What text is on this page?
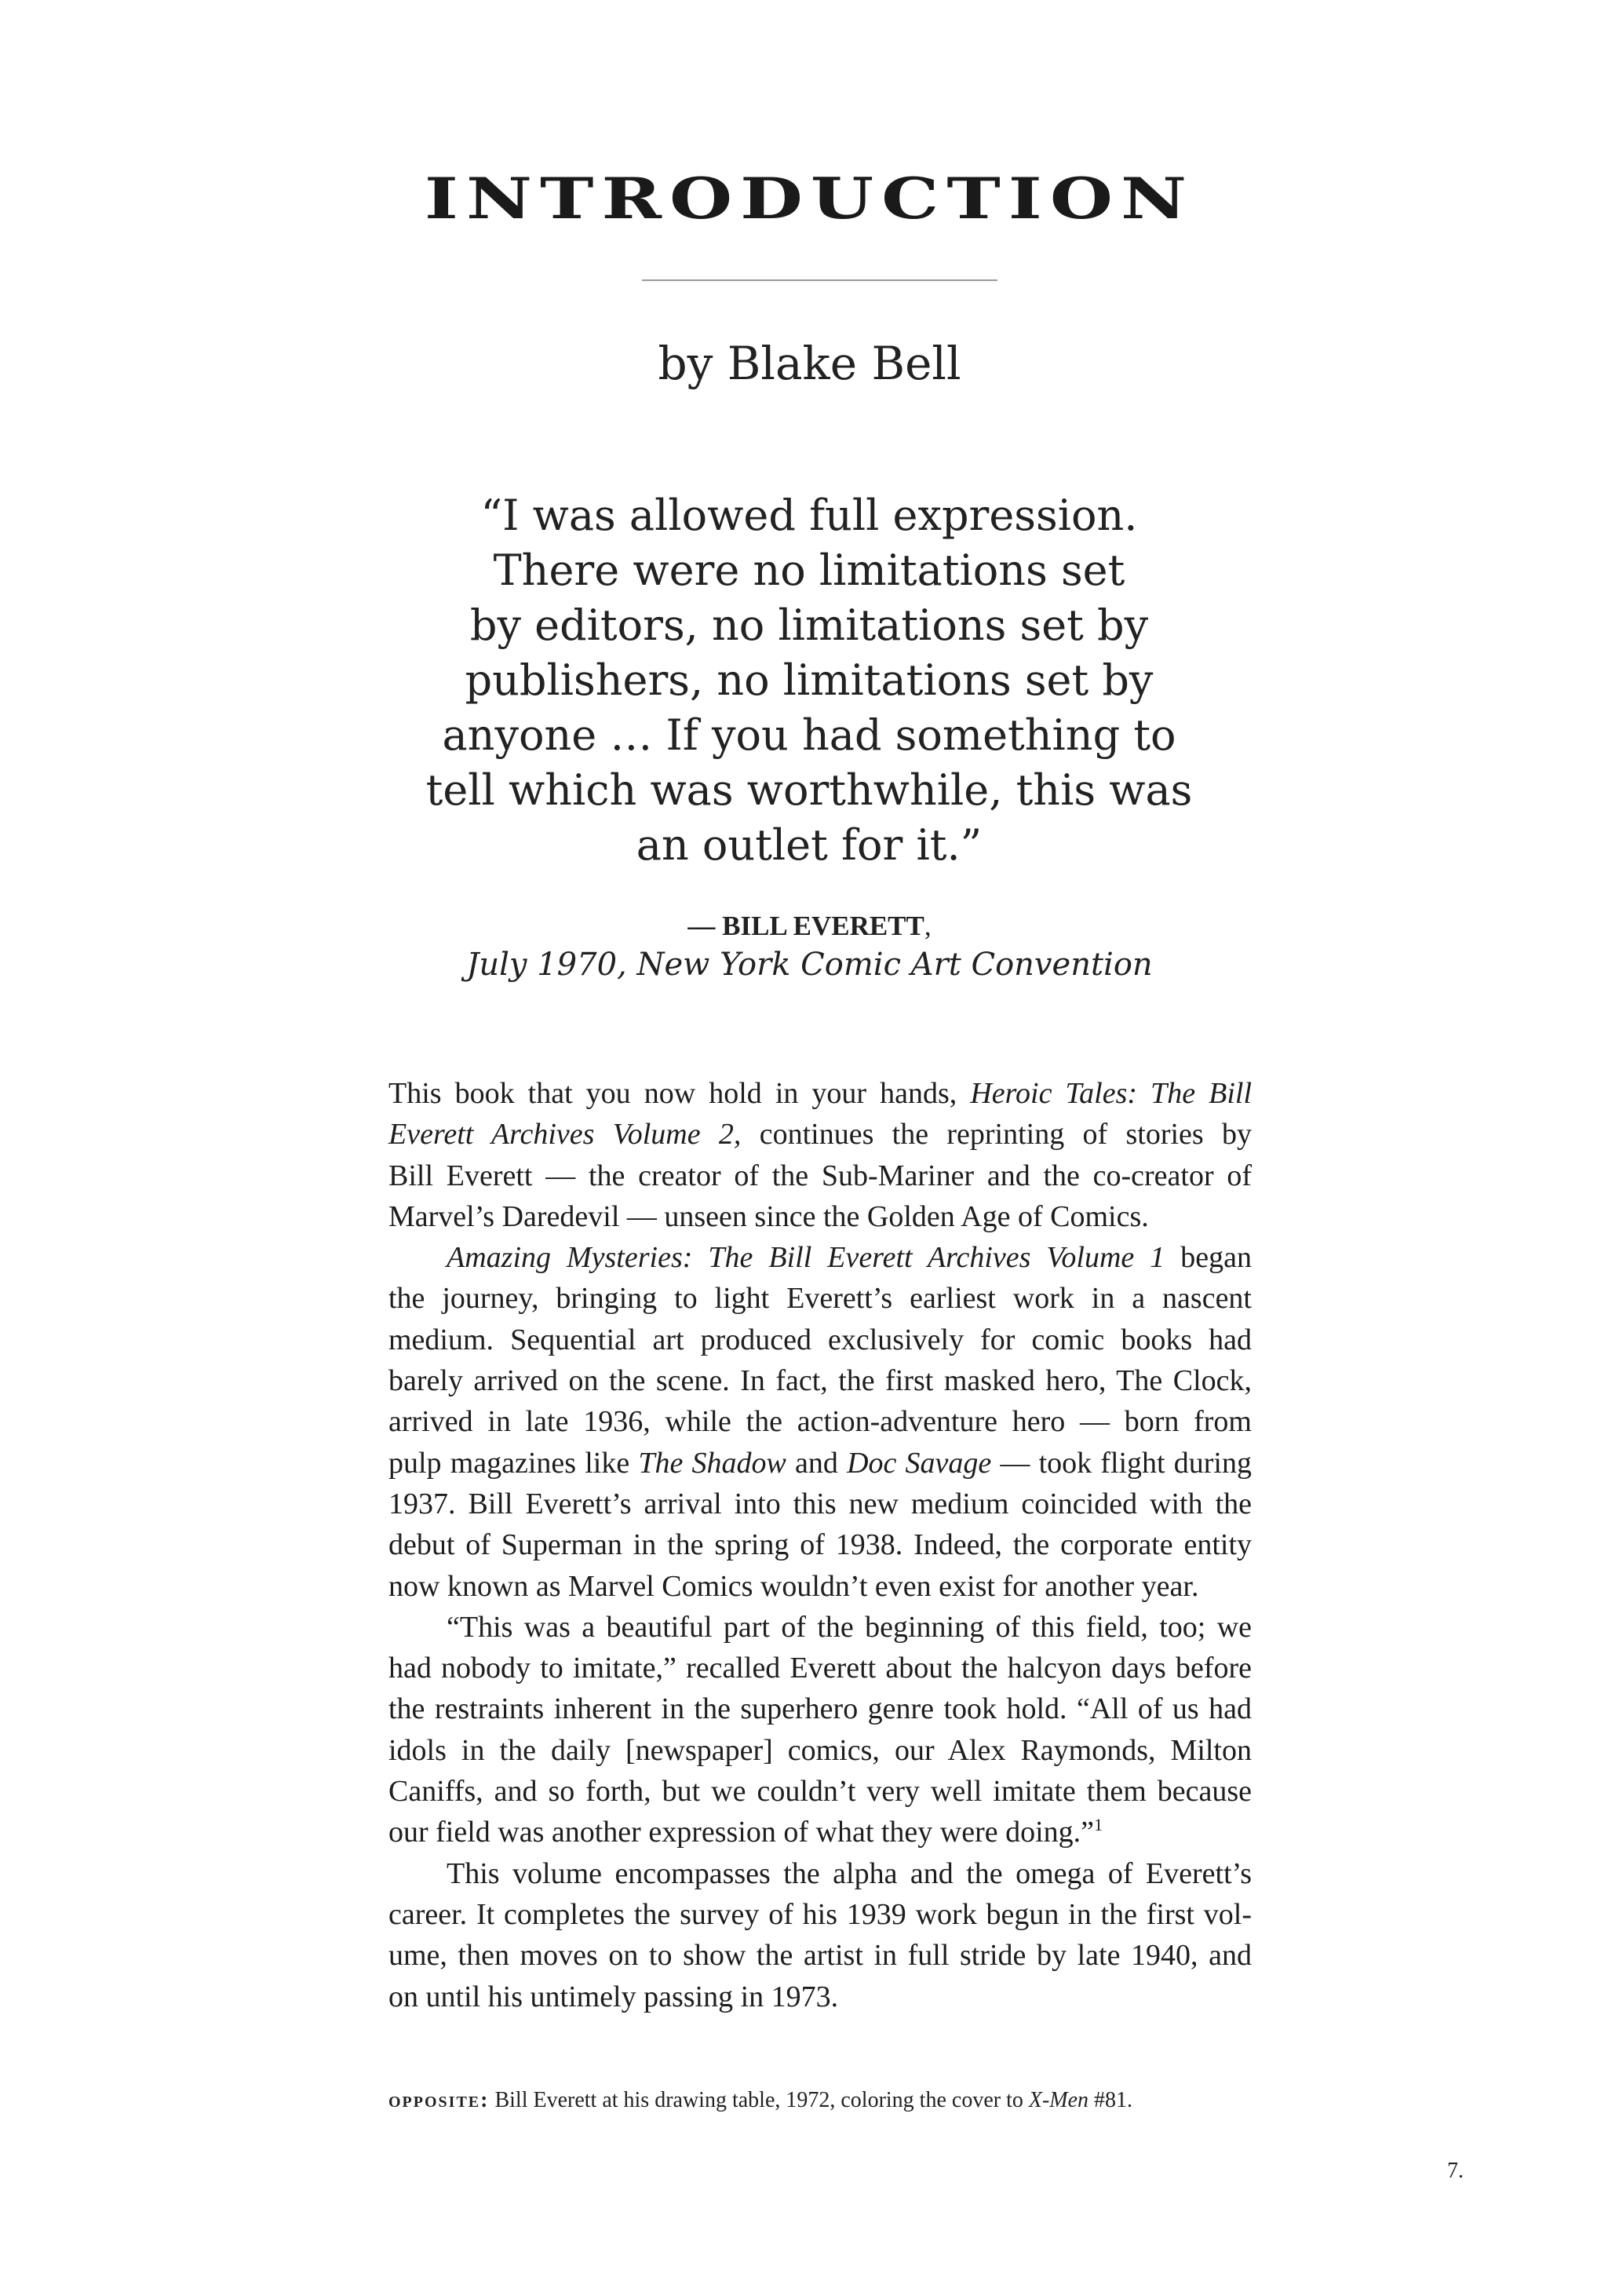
INTRODUCTION
by Blake Bell
“I was allowed full expression.
There were no limitations set
by editors, no limitations set by
publishers, no limitations set by
anyone … If you had something to
tell which was worthwhile, this was
an outlet for it.”
— BILL EVERETT,
July 1970, New York Comic Art Convention

This book that you now hold in your hands, Heroic Tales: The Bill
Everett Archives Volume 2, continues the reprinting of stories by
Bill Everett — the creator of the Sub-Mariner and the co-creator of
Marvel’s Daredevil — unseen since the Golden Age of Comics.

Amazing Mysteries: The Bill Everett Archives Volume 1 began
the journey, bringing to light Everett’s earliest work in a nascent
medium. Sequential art produced exclusively for comic books had
barely arrived on the scene. In fact, the first masked hero, The Clock,
arrived in late 1936, while the action-adventure hero — born from
pulp magazines like The Shadow and Doc Savage — took flight during
1937. Bill Everett’s arrival into this new medium coincided with the
debut of Superman in the spring of 1938. Indeed, the corporate entity
now known as Marvel Comics wouldn’t even exist for another year.

“This was a beautiful part of the beginning of this field, too; we
had nobody to imitate,” recalled Everett about the halcyon days before
the restraints inherent in the superhero genre took hold. “All of us had
idols in the daily [newspaper] comics, our Alex Raymonds, Milton
Caniffs, and so forth, but we couldn’t very well imitate them because
our field was another expression of what they were doing.”$^1$

This volume encompasses the alpha and the omega of Everett’s
career. It completes the survey of his 1939 work begun in the first vol-
ume, then moves on to show the artist in full stride by late 1940, and
on until his untimely passing in 1973.

opposite: Bill Everett at his drawing table, 1972, coloring the cover to X-Men #81.
7.
